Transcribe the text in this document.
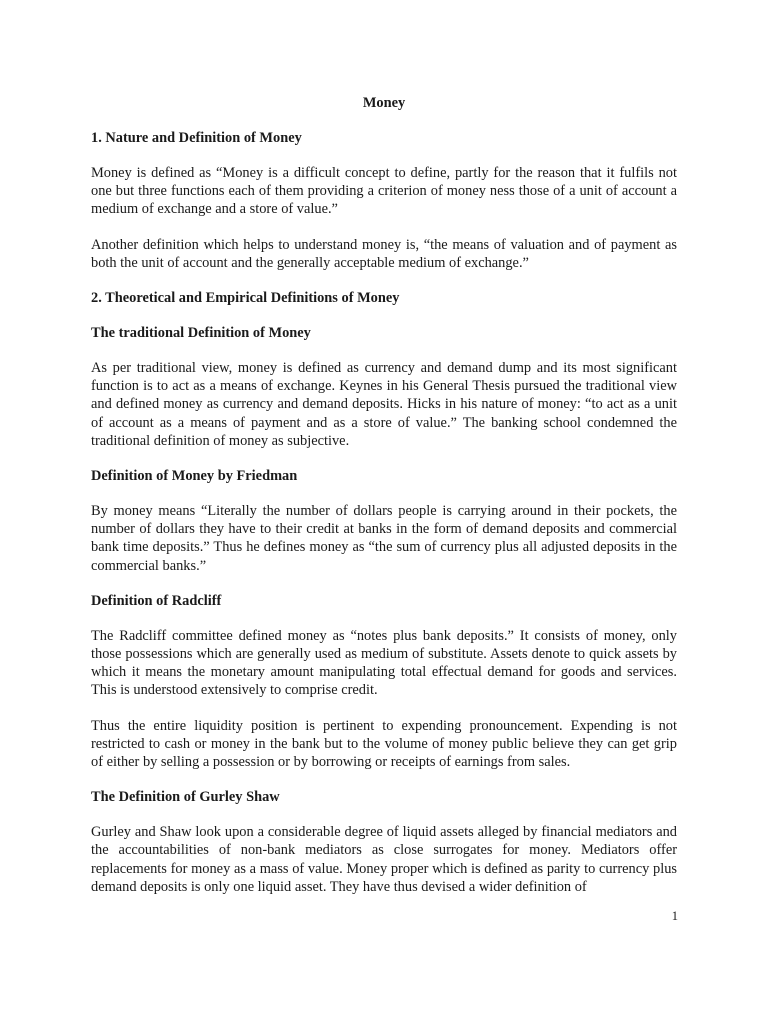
Money
1. Nature and Definition of Money
Money is defined as “Money is a difficult concept to define, partly for the reason that it fulfils not one but three functions each of them providing a criterion of money ness those of a unit of account a medium of exchange and a store of value.”
Another definition which helps to understand money is, “the means of valuation and of payment as both the unit of account and the generally acceptable medium of exchange.”
2. Theoretical and Empirical Definitions of Money
The traditional Definition of Money
As per traditional view, money is defined as currency and demand dump and its most significant function is to act as a means of exchange. Keynes in his General Thesis pursued the traditional view and defined money as currency and demand deposits. Hicks in his nature of money: “to act as a unit of account as a means of payment and as a store of value.” The banking school condemned the traditional definition of money as subjective.
Definition of Money by Friedman
By money means “Literally the number of dollars people is carrying around in their pockets, the number of dollars they have to their credit at banks in the form of demand deposits and commercial bank time deposits.” Thus he defines money as “the sum of currency plus all adjusted deposits in the commercial banks.”
Definition of Radcliff
The Radcliff committee defined money as “notes plus bank deposits.” It consists of money, only those possessions which are generally used as medium of substitute. Assets denote to quick assets by which it means the monetary amount manipulating total effectual demand for goods and services. This is understood extensively to comprise credit.
Thus the entire liquidity position is pertinent to expending pronouncement. Expending is not restricted to cash or money in the bank but to the volume of money public believe they can get grip of either by selling a possession or by borrowing or receipts of earnings from sales.
The Definition of Gurley Shaw
Gurley and Shaw look upon a considerable degree of liquid assets alleged by financial mediators and the accountabilities of non-bank mediators as close surrogates for money. Mediators offer replacements for money as a mass of value. Money proper which is defined as parity to currency plus demand deposits is only one liquid asset. They have thus devised a wider definition of
1
